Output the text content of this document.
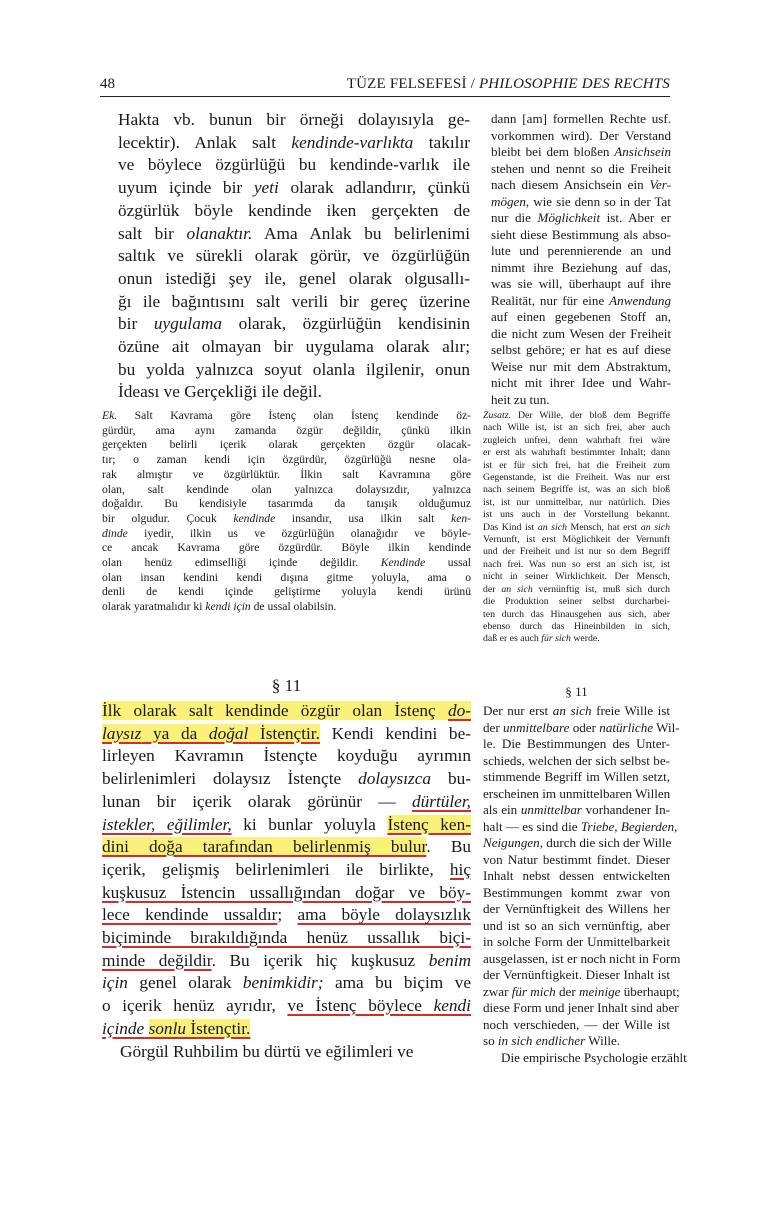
48	TÜZE FELSEFESİ / PHILOSOPHIE DES RECHTS
Hakta vb. bunun bir örneği dolayısıyla ge-
lecektir). Anlak salt kendinde-varlıkta takılır
ve böylece özgürlüğü bu kendinde-varlık ile
uyum içinde bir yeti olarak adlandırır, çünkü
özgürlük böyle kendinde iken gerçekten de
salt bir olanaktır. Ama Anlak bu belirlenimi
saltık ve sürekli olarak görür, ve özgürlüğün
onun istediği şey ile, genel olarak olgusallı-
ğı ile bağıntısını salt verili bir gereç üzerine
bir uygulama olarak, özgürlüğün kendisinin
özüne ait olmayan bir uygulama olarak alır;
bu yolda yalnızca soyut olanla ilgilenir, onun
İdeası ve Gerçekliği ile değil.
dann [am] formellen Rechte usf.
vorkommen wird). Der Verstand
bleibt bei dem bloßen Ansichsein
stehen und nennt so die Freiheit
nach diesem Ansichsein ein Ver-
mögen, wie sie denn so in der Tat
nur die Möglichkeit ist. Aber er
sieht diese Bestimmung als abso-
lute und perennierende an und
nimmt ihre Beziehung auf das,
was sie will, überhaupt auf ihre
Realität, nur für eine Anwendung
auf einen gegebenen Stoff an,
die nicht zum Wesen der Freiheit
selbst gehöre; er hat es auf diese
Weise nur mit dem Abstraktum,
nicht mit ihrer Idee und Wahr-
heit zu tun.
Ek. Salt Kavrama göre İstenç olan İstenç kendinde öz-
gürdür, ama aynı zamanda özgür değildir, çünkü ilkin
gerçekten belirli içerik olarak gerçekten özgür olacak-
tır; o zaman kendi için özgürdür, özgürlüğü nesne ola-
rak almıştır ve özgürlüktür. İlkin salt Kavramına göre
olan, salt kendinde olan yalnızca dolaysızdır, yalnızca
doğaldır. Bu kendisiyle tasarımda da tanışık olduğumuz
bir olgudur. Çocuk kendinde insandır, usa ilkin salt ken-
dinde iyedir, ilkin us ve özgürlüğün olanağıdır ve böyle-
ce ancak Kavrama göre özgürdür. Böyle ilkin kendinde
olan henüz edimselliği içinde değildir. Kendinde ussal
olan insan kendini kendi dışına gitme yoluyla, ama o
denli de kendi içinde geliştirme yoluyla kendi ürünü
olarak yaratmalıdır ki kendi için de ussal olabilsin.
Zusatz. Der Wille, der bloß dem Begriffe
nach Wille ist, ist an sich frei, aber auch
zugleich unfrei, denn wahrhaft frei wäre
er erst als wahrhaft bestimmter Inhalt; dann
ist er für sich frei, hat die Freiheit zum
Gegenstande, ist die Freiheit. Was nur erst
nach seinem Begriffe ist, was an sich bloß
ist, ist nur unmittelbar, nur natürlich. Dies
ist uns auch in der Vorstellung bekannt.
Das Kind ist an sich Mensch, hat erst an sich
Vernunft, ist erst Möglichkeit der Vernunft
und der Freiheit und ist nur so dem Begriff
nach frei. Was nun so erst an sich ist, ist
nicht in seiner Wirklichkeit. Der Mensch,
der an sich vernünftig ist, muß sich durch
die Produktion seiner selbst durcharbei-
ten durch das Hinausgehen aus sich, aber
ebenso durch das Hineinbilden in sich,
daß er es auch für sich werde.
§ 11	§ 11
İlk olarak salt kendinde özgür olan İstenç do-
laysız ya da doğal İstençtir. Kendi kendini be-
lirleyen Kavramın İstençte koyduğu ayrımın
belirlenimleri dolaysız İstençte dolaysızca bu-
lunan bir içerik olarak görünür — dürtüler,
istekler, eğilimler, ki bunlar yoluyla İstenç ken-
dini doğa tarafından belirlenmiş bulur. Bu
içerik, gelişmiş belirlenimleri ile birlikte, hiç
kuşkusuz İstencin ussallığından doğar ve böy-
lece kendinde ussaldır; ama böyle dolaysızlık
biçiminde bırakıldığında henüz ussallık biçi-
minde değildir. Bu içerik hiç kuşkusuz benim
için genel olarak benimkidir; ama bu biçim ve
o içerik henüz ayrıdır, ve İstenç böylece kendi
içinde sonlu İstençtir.
Görgül Ruhbilim bu dürtü ve eğilimleri ve
Der nur erst an sich freie Wille ist
der unmittelbare oder natürliche Wil-
le. Die Bestimmungen des Unter-
schieds, welchen der sich selbst be-
stimmende Begriff im Willen setzt,
erscheinen im unmittelbaren Willen
als ein unmittelbar vorhandener In-
halt — es sind die Triebe, Begierden,
Neigungen, durch die sich der Wille
von Natur bestimmt findet. Dieser
Inhalt nebst dessen entwickelten
Bestimmungen kommt zwar von
der Vernünftigkeit des Willens her
und ist so an sich vernünftig, aber
in solche Form der Unmittelbarkeit
ausgelassen, ist er noch nicht in Form
der Vernünftigkeit. Dieser Inhalt ist
zwar für mich der meinige überhaupt;
diese Form und jener Inhalt sind aber
noch verschieden, — der Wille ist
so in sich endlicher Wille.
Die empirische Psychologie erzählt
